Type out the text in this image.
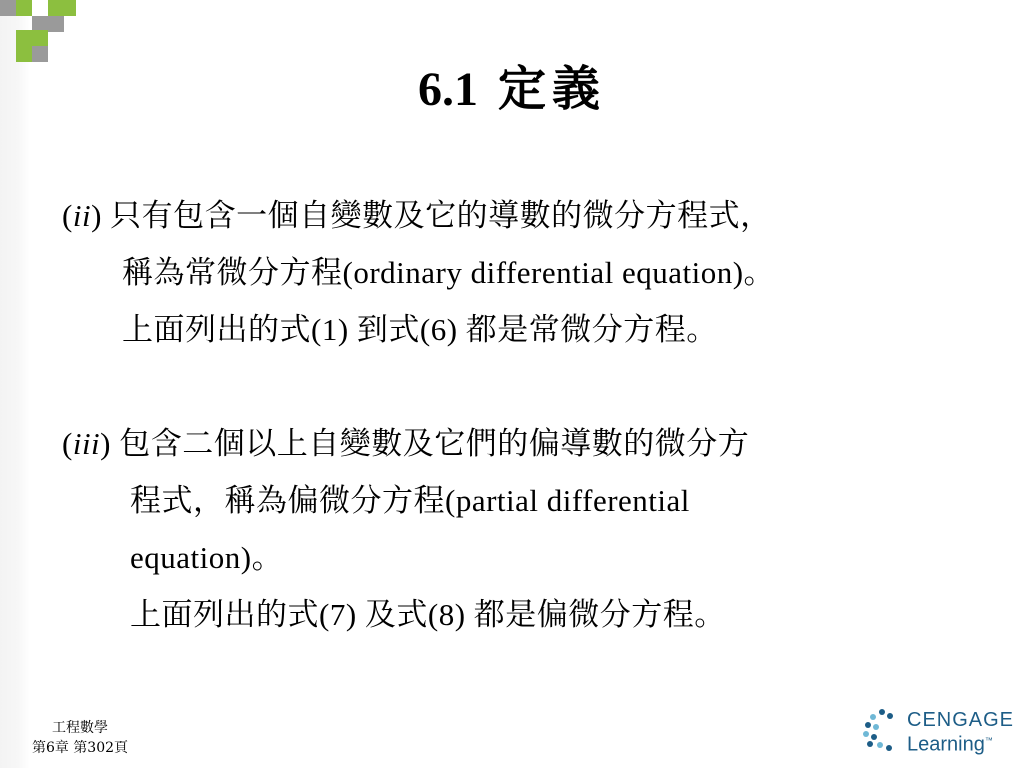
6.1 定義
(ii) 只有包含一個自變數及它的導數的微分方程式，
稱為常微分方程(ordinary differential equation)。
上面列出的式(1) 到式(6) 都是常微分方程。
(iii) 包含二個以上自變數及它們的偏導數的微分方
程式，稱為偏微分方程(partial differential
equation)。
上面列出的式(7) 及式(8) 都是偏微分方程。
工程數學
第6章 第302頁
CENGAGE
Learning™
